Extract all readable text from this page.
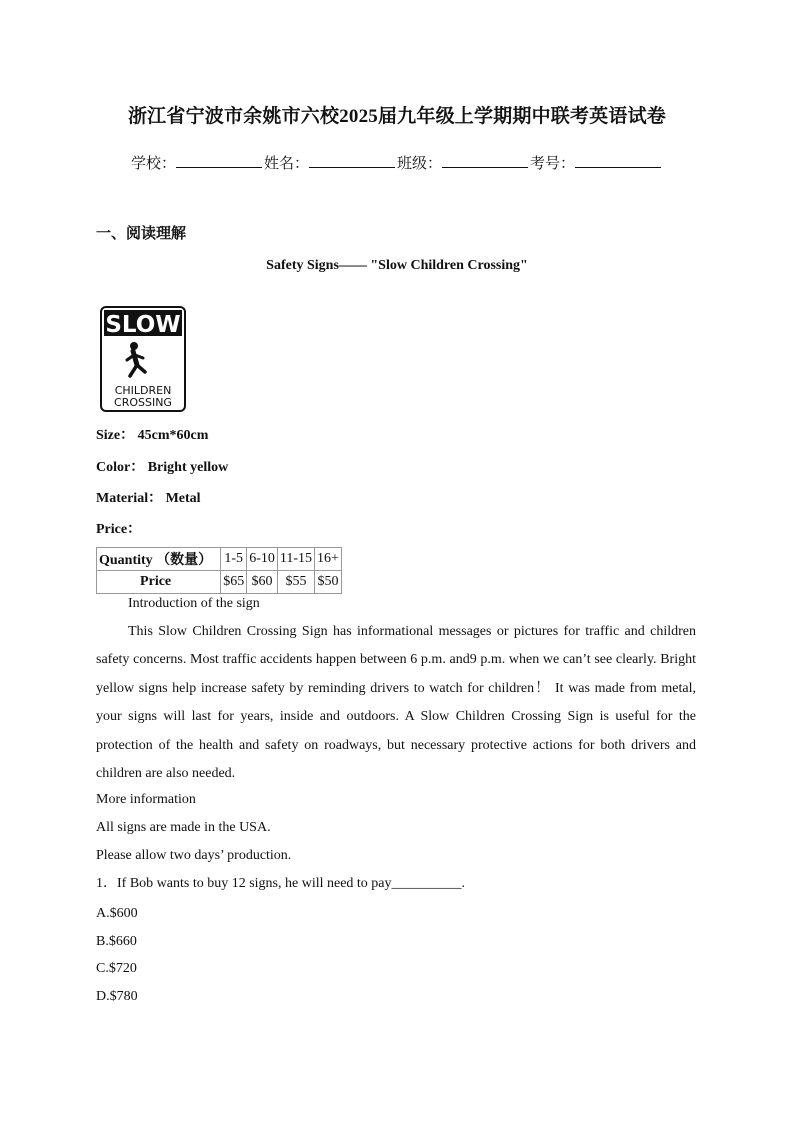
浙江省宁波市余姚市六校2025届九年级上学期期中联考英语试卷
学校：	姓名：	班级：	考号：
一、阅读理解
Safety Signs—— "Slow Children Crossing"
SLOW
CHILDREN
CROSSING
Size： 45cm*60cm
Color： Bright yellow
Material： Metal
Price：
Quantity （数量）	1-5	6-10	11-15	16+
Price	$65	$60	$55	$50
Introduction of the sign
This Slow Children Crossing Sign has informational messages or pictures for traffic and children safety concerns. Most traffic accidents happen between 6 p.m. and9 p.m. when we can’t see clearly. Bright yellow signs help increase safety by reminding drivers to watch for children！ It was made from metal, your signs will last for years, inside and outdoors. A Slow Children Crossing Sign is useful for the protection of the health and safety on roadways, but necessary protective actions for both drivers and children are also needed.
More information
All signs are made in the USA.
Please allow two days’ production.
1．If Bob wants to buy 12 signs, he will need to pay__________.
A.$600
B.$660
C.$720
D.$780
